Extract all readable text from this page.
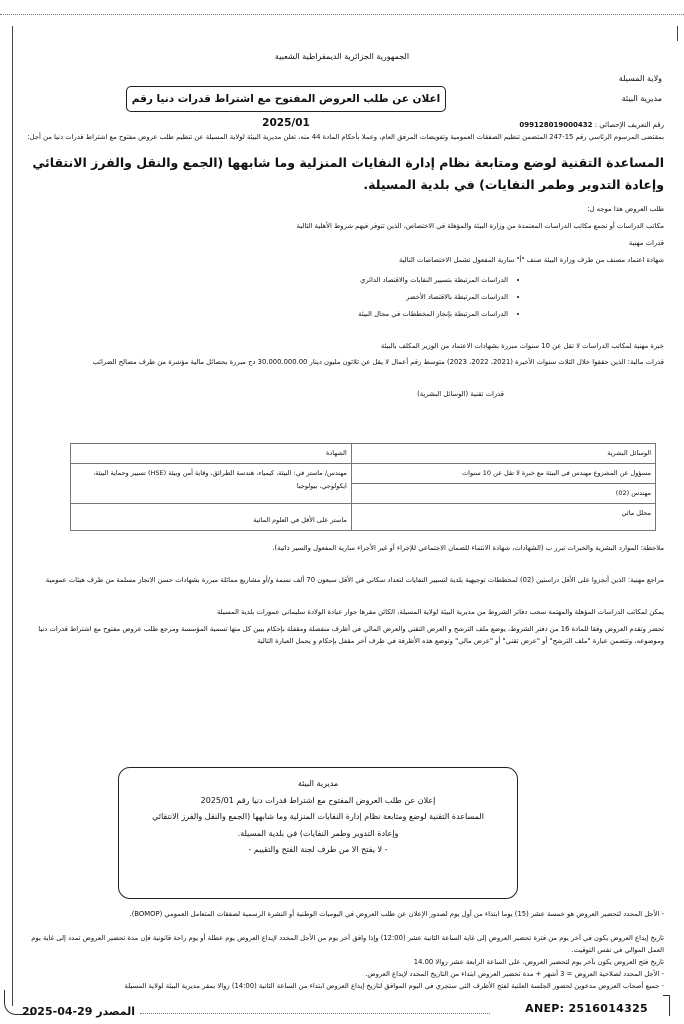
الجمهورية الجزائرية الديمقراطية الشعبية
ولاية المسيلة
مديرية البيئة
اعلان عن طلب العروض المفتوح مع اشتراط قدرات دنيا رقم 2025/01	رقم التعريف الإحصائي : 099128019000432
بمقتضى المرسوم الرئاسي رقم 15-247 المتضمن تنظيم الصفقات العمومية وتفويضات المرفق العام، وعملا بأحكام المادة 44 منه، تعلن مديرية البيئة لولاية المسيلة عن تنظيم طلب عروض مفتوح مع اشتراط قدرات دنيا من أجل:
المساعدة التقنية لوضع ومتابعة نظام إدارة النفايات المنزلية وما شابهها (الجمع والنقل والفرز الانتقائي وإعادة التدوير وطمر النفايات) في بلدية المسيلة.
طلب العروض هذا موجه ل:
مكاتب الدراسات أو تجمع مكاتب الدراسات المعتمدة من وزارة البيئة والمؤهلة في الاختصاص، الذين تتوفر فيهم شروط الأهلية التالية
قدرات مهنية
شهادة اعتماد مصنف من طرف وزارة البيئة صنف "أ" سارية المفعول تشمل الاختصاصات التالية
• الدراسات المرتبطة بتسيير النفايات والاقتصاد الدائري
• الدراسات المرتبطة بالاقتصاد الأخضر
• الدراسات المرتبطة بإنجاز المخططات في مجال البيئة
خبرة مهنية لمكاتب الدراسات لا تقل عن 10 سنوات مبررة بشهادات الاعتماد من الوزير المكلف بالبيئة
قدرات مالية: الذين حققوا خلال الثلاث سنوات الأخيرة (2021، 2022، 2023) متوسط رقم أعمال لا يقل عن ثلاثون مليون دينار 30.000.000.00 دج مبررة بحصائل مالية مؤشرة من طرف مصالح الضرائب
قدرات تقنية (الوسائل البشرية)
الوسائل البشرية	الشهادة
مسؤول عن المشروع مهندس في البيئة مع خبرة لا تقل عن 10 سنوات	مهندس/ ماستر في: البيئة، كيمياء، هندسة الطرائق، وقاية أمن وبيئة (HSE) تسيير وحماية البيئة، ايكولوجي، بيولوجيا
مهندس (02)	
محلل مائي	ماستر على الأقل في العلوم المائية
ملاحظة: الموارد البشرية والخبرات تبرر ب (الشهادات، شهادة الانتماء للضمان الاجتماعي للإجراء أو غير الأجراء سارية المفعول والسير ذاتية).
مراجع مهنية: الذين أنجزوا على الأقل دراستين (02) لمخططات توجيهية بلدية لتسيير النفايات لتعداد سكاني في الأقل سبعون 70 ألف نسمة و/أو مشاريع مماثلة مبررة بشهادات حسن الانجاز مسلمة من طرف هيئات عمومية
يمكن لمكاتب الدراسات المؤهلة والمهتمة سحب دفاتر الشروط من مديرية البيئة لولاية المسيلة، الكائن مقرها جوار عيادة الولادة سليماني عمورات بلدية المسيلة
تحضر وتقدم العروض وفقا للمادة 16 من دفتر الشروط، يوضع ملف الترشح و العرض التقني والعرض المالي في أظرف منفصلة ومقفلة بإحكام يبين كل منها تسمية المؤسسة ومرجع طلب عروض مفتوح مع اشتراط قدرات دنيا وموضوعه، وتتضمن عبارة "ملف الترشح" أو "عرض تقني" أو "عرض مالي" وتوضع هذه الأظرفة في ظرف آخر مقفل بإحكام و يحمل العبارة التالية
مديرية البيئة
إعلان عن طلب العروض المفتوح مع اشتراط قدرات دنيا رقم 2025/01
المساعدة التقنية لوضع ومتابعة نظام إدارة النفايات المنزلية وما شابهها (الجمع والنقل والفرز الانتقائي
وإعادة التدوير وطمر النفايات) في بلدية المسيلة.
- لا يفتح الا من طرف لجنة الفتح والتقييم -
- الأجل المحدد لتحضير العروض هو خمسة عشر (15) يوما ابتداء من أول يوم لصدور الإعلان عن طلب العروض في اليوميات الوطنية أو النشرة الرسمية لصفقات المتعامل العمومي (BOMOP).
تاريخ إيداع العروض يكون في آخر يوم من فترة تحضير العروض إلى غاية الساعة الثانية عشر (12:00) وإذا وافق آخر يوم من الأجل المحدد لإيداع العروض يوم عطلة أو يوم راحة قانونية فإن مدة تحضير العروض تمدد إلى غاية يوم العمل الموالي في نفس التوقيت.
تاريخ فتح العروض يكون بآخر يوم لتحضير العروض، على الساعة الرابعة عشر زوالا 14.00
- الأجل المحدد لصلاحية العروض = 3 أشهر + مدة تحضير العروض ابتداء من التاريخ المحدد لإيداع العروض.
- جميع أصحاب العروض مدعوين لحضور الجلسة العلنية لفتح الأظرف التي ستجري في اليوم الموافق لتاريخ إيداع العروض ابتداء من الساعة الثانية (14:00) زوالا بمقر مديرية البيئة لولاية المسيلة
المصدر 29-04-2025	ANEP: 2516014325
